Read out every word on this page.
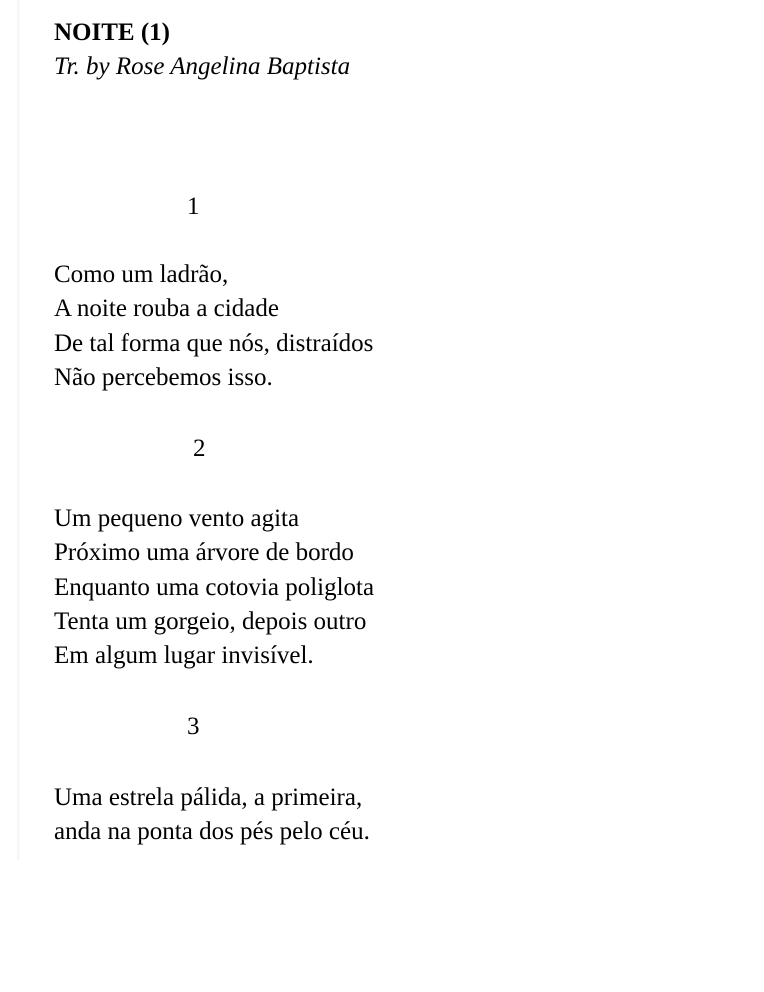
NOITE (1)
Tr. by Rose Angelina Baptista
1
Como um ladrão,
A noite rouba a cidade
De tal forma que nós, distraídos
Não percebemos isso.
2
Um pequeno vento agita
Próximo uma árvore de bordo
Enquanto uma cotovia poliglota
Tenta um gorgeio, depois outro
Em algum lugar invisível.
3
Uma estrela pálida, a primeira,
anda na ponta dos pés pelo céu.
